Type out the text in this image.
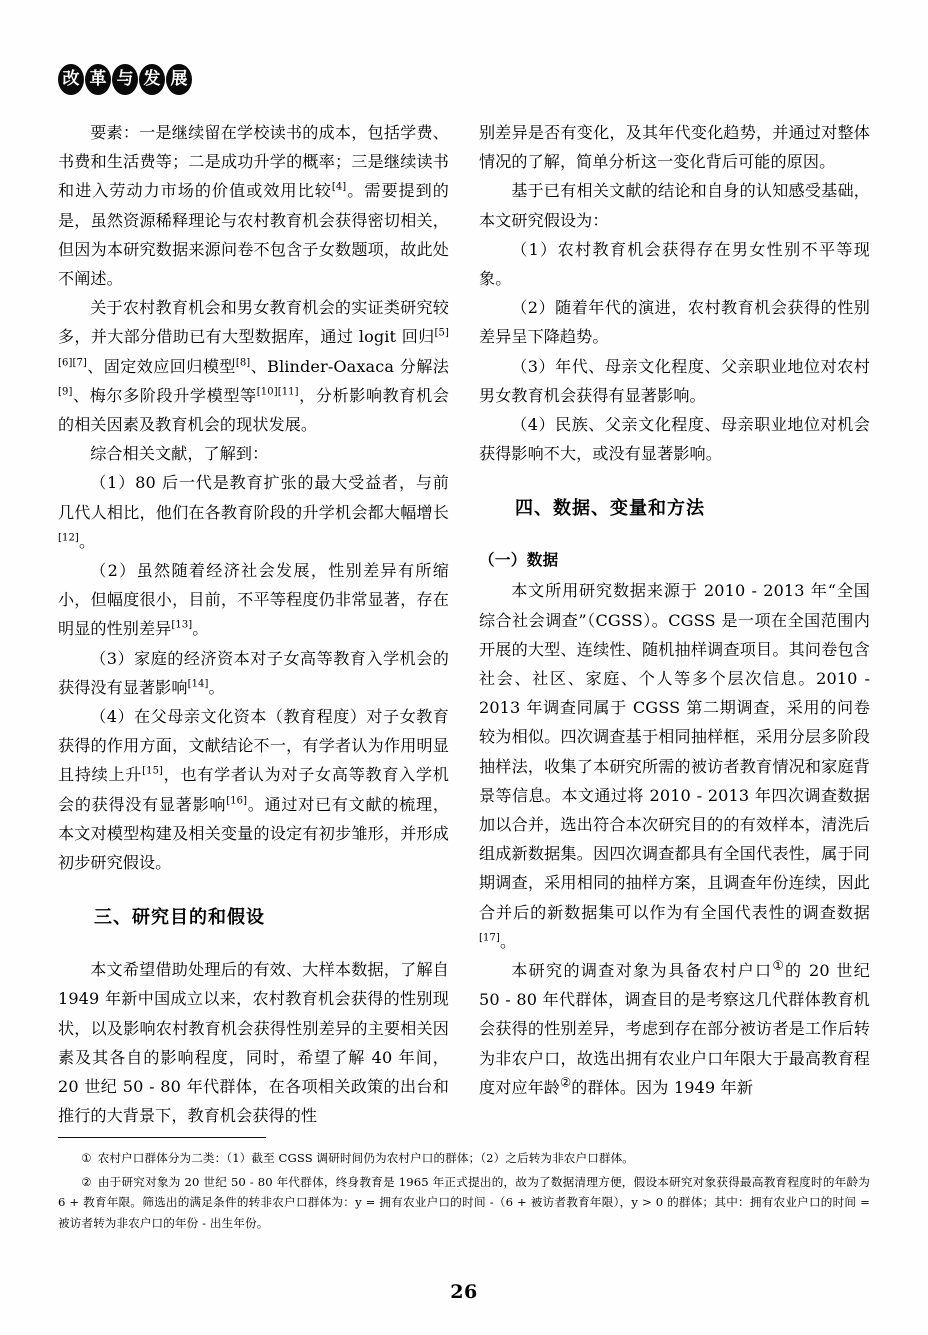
改 革 与 发 展

要素：一是继续留在学校读书的成本，包括学费、书费和生活费等；二是成功升学的概率；三是继续读书和进入劳动力市场的价值或效用比较[4]。需要提到的是，虽然资源稀释理论与农村教育机会获得密切相关，但因为本研究数据来源问卷不包含子女数题项，故此处不阐述。

关于农村教育机会和男女教育机会的实证类研究较多，并大部分借助已有大型数据库，通过 logit 回归[5][6][7]、固定效应回归模型[8]、Blinder-Oaxaca 分解法[9]、梅尔多阶段升学模型等[10][11]，分析影响教育机会的相关因素及教育机会的现状发展。

综合相关文献，了解到：

（1）80 后一代是教育扩张的最大受益者，与前几代人相比，他们在各教育阶段的升学机会都大幅增长[12]。

（2）虽然随着经济社会发展，性别差异有所缩小，但幅度很小，目前，不平等程度仍非常显著，存在明显的性别差异[13]。

（3）家庭的经济资本对子女高等教育入学机会的获得没有显著影响[14]。

（4）在父母亲文化资本（教育程度）对子女教育获得的作用方面，文献结论不一，有学者认为作用明显且持续上升[15]，也有学者认为对子女高等教育入学机会的获得没有显著影响[16]。通过对已有文献的梳理，本文对模型构建及相关变量的设定有初步雏形，并形成初步研究假设。

三、研究目的和假设

本文希望借助处理后的有效、大样本数据，了解自 1949 年新中国成立以来，农村教育机会获得的性别现状，以及影响农村教育机会获得性别差异的主要相关因素及其各自的影响程度，同时，希望了解 40 年间，20 世纪 50 - 80 年代群体，在各项相关政策的出台和推行的大背景下，教育机会获得的性

别差异是否有变化，及其年代变化趋势，并通过对整体情况的了解，简单分析这一变化背后可能的原因。

基于已有相关文献的结论和自身的认知感受基础，本文研究假设为：

（1）农村教育机会获得存在男女性别不平等现象。

（2）随着年代的演进，农村教育机会获得的性别差异呈下降趋势。

（3）年代、母亲文化程度、父亲职业地位对农村男女教育机会获得有显著影响。

（4）民族、父亲文化程度、母亲职业地位对机会获得影响不大，或没有显著影响。

四、数据、变量和方法
（一）数据

本文所用研究数据来源于 2010 - 2013 年“全国综合社会调查”（CGSS）。CGSS 是一项在全国范围内开展的大型、连续性、随机抽样调查项目。其问卷包含社会、社区、家庭、个人等多个层次信息。2010 - 2013 年调查同属于 CGSS 第二期调查，采用的问卷较为相似。四次调查基于相同抽样框，采用分层多阶段抽样法，收集了本研究所需的被访者教育情况和家庭背景等信息。本文通过将 2010 - 2013 年四次调查数据加以合并，选出符合本次研究目的的有效样本，清洗后组成新数据集。因四次调查都具有全国代表性，属于同期调查，采用相同的抽样方案，且调查年份连续，因此合并后的新数据集可以作为有全国代表性的调查数据[17]。

本研究的调查对象为具备农村户口①的 20 世纪 50 - 80 年代群体，调查目的是考察这几代群体教育机会获得的性别差异，考虑到存在部分被访者是工作后转为非农户口，故选出拥有农业户口年限大于最高教育程度对应年龄②的群体。因为 1949 年新

① 农村户口群体分为二类：（1）截至 CGSS 调研时间仍为农村户口的群体；（2）之后转为非农户口群体。

② 由于研究对象为 20 世纪 50 - 80 年代群体，终身教育是 1965 年正式提出的，故为了数据清理方便，假设本研究对象获得最高教育程度时的年龄为 6 + 教育年限。筛选出的满足条件的转非农户口群体为：y = 拥有农业户口的时间 -（6 + 被访者教育年限），y > 0 的群体；其中：拥有农业户口的时间 = 被访者转为非农户口的年份 - 出生年份。

26
